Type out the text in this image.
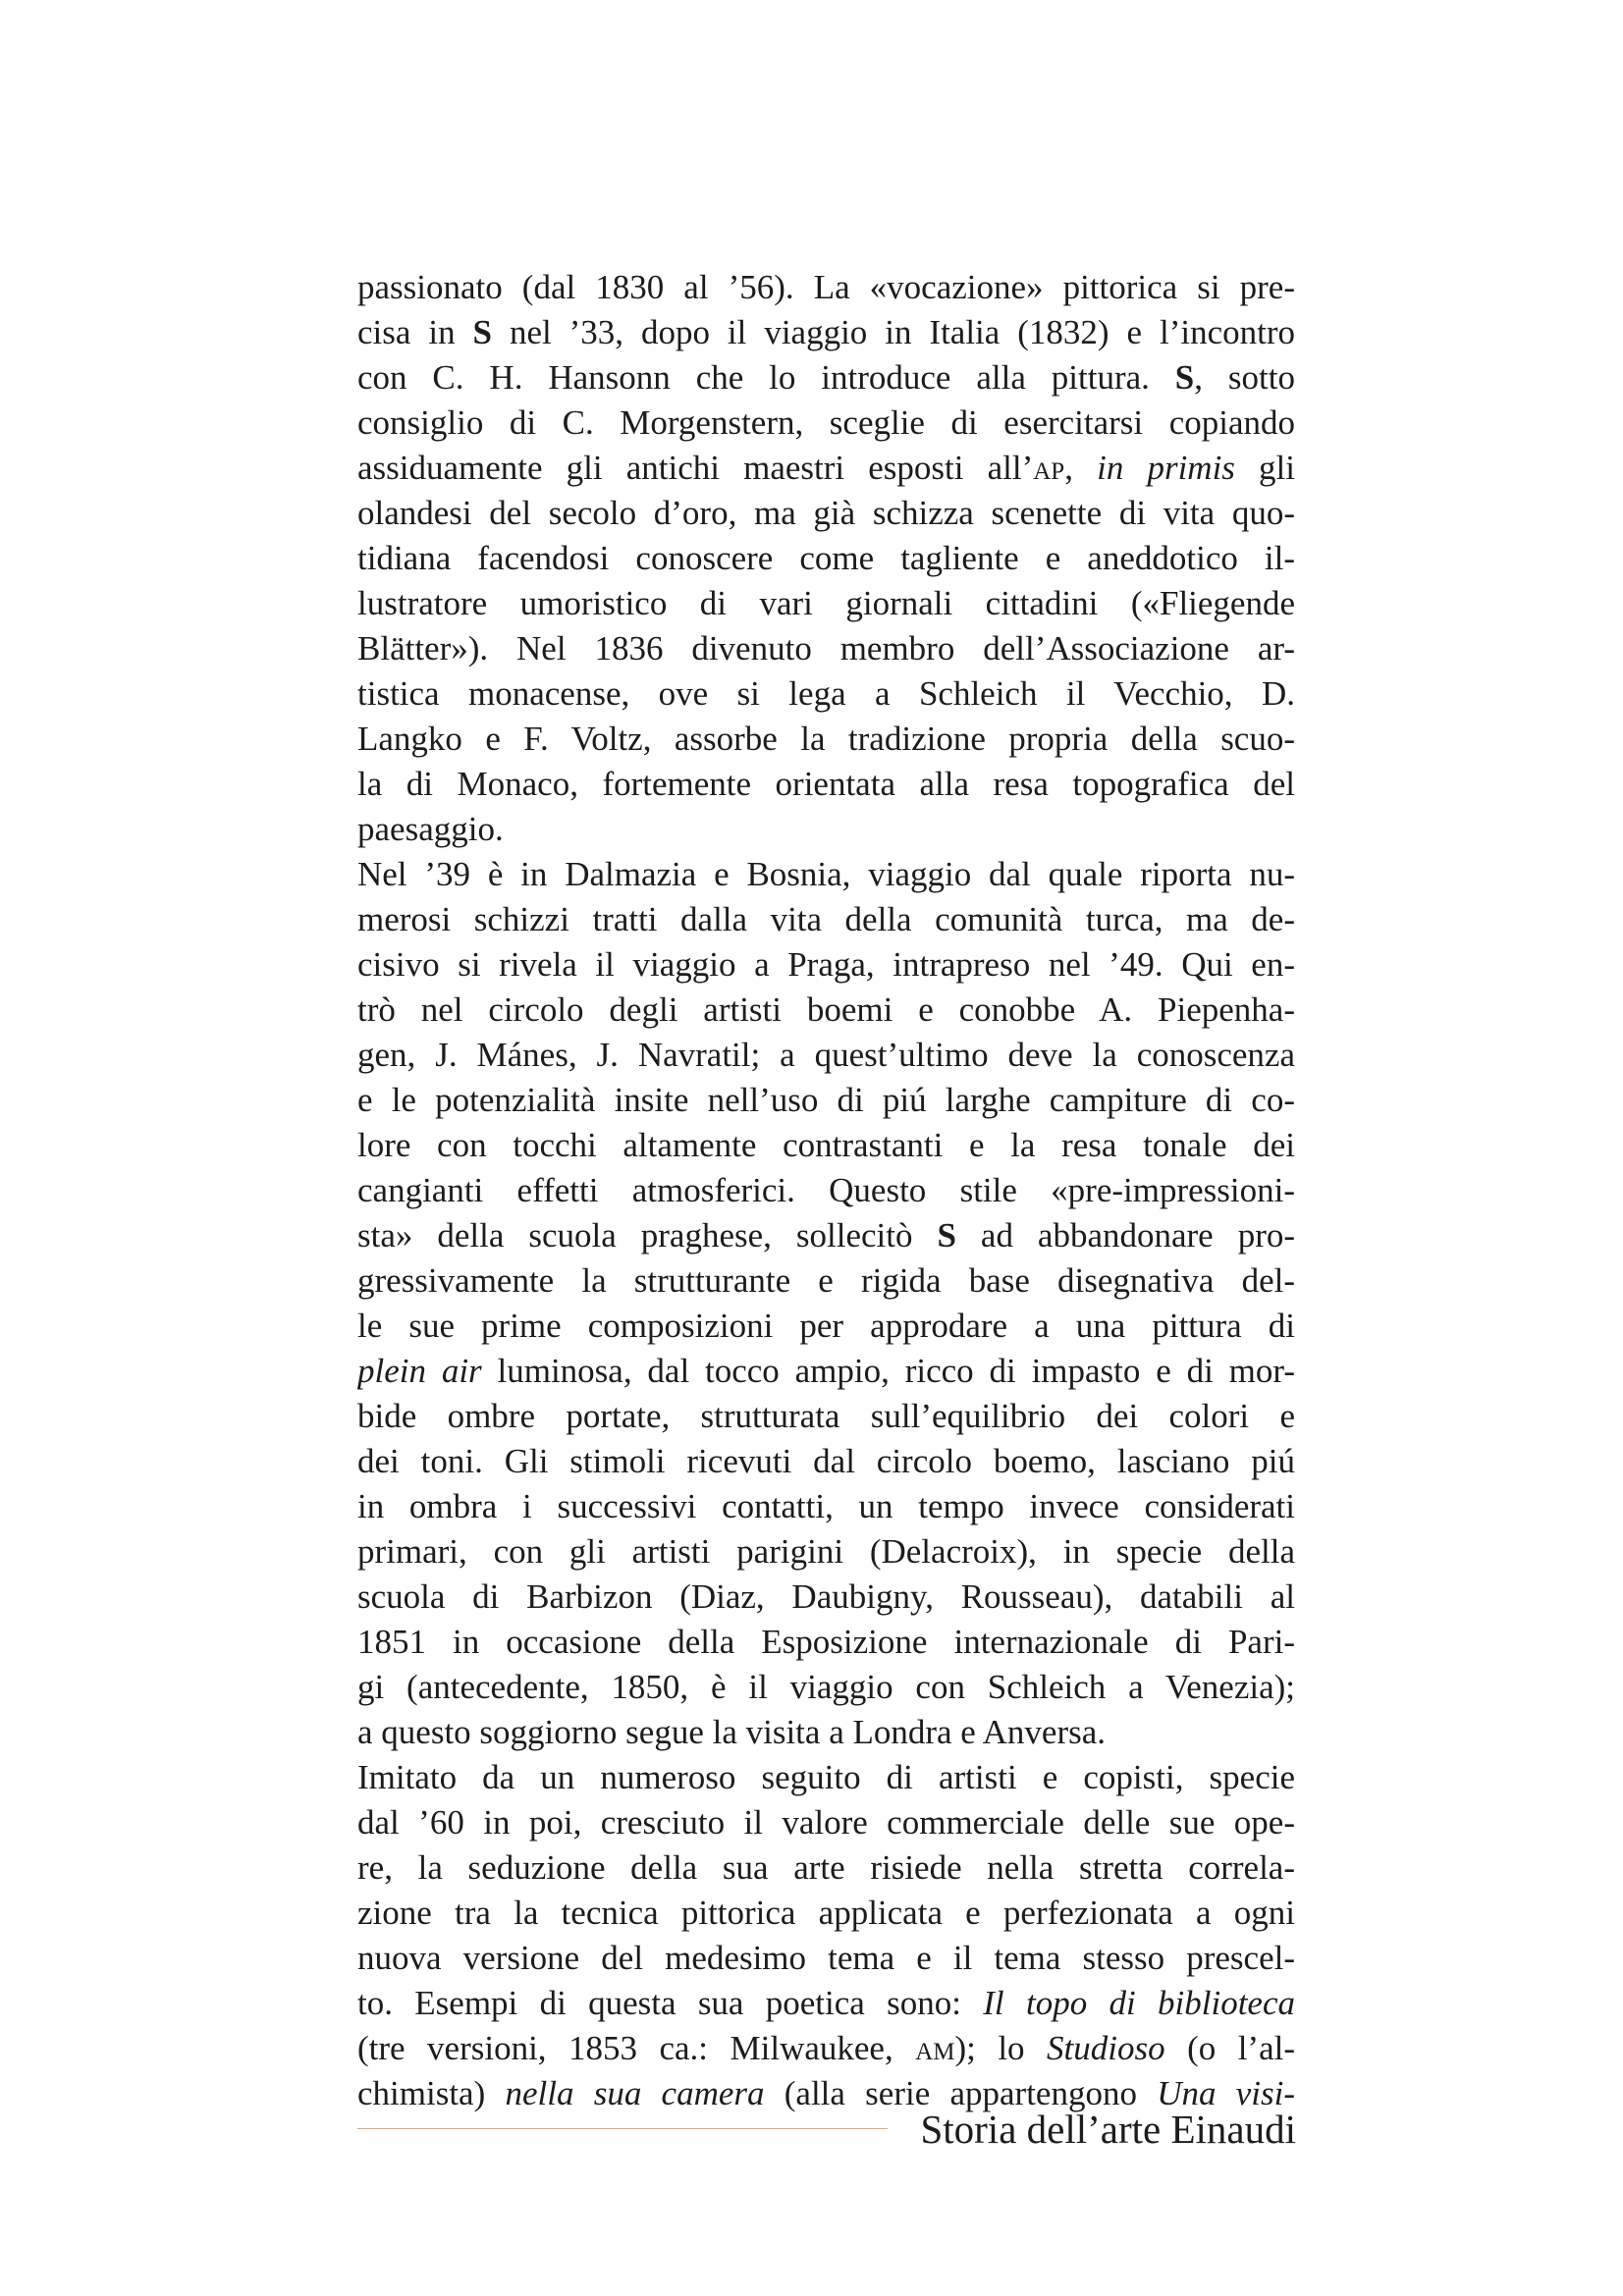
passionato (dal 1830 al ’56). La «vocazione» pittorica si pre-
cisa in S nel ’33, dopo il viaggio in Italia (1832) e l’incontro
con C. H. Hansonn che lo introduce alla pittura. S, sotto
consiglio di C. Morgenstern, sceglie di esercitarsi copiando
assiduamente gli antichi maestri esposti all’ap, in primis gli
olandesi del secolo d’oro, ma già schizza scenette di vita quo-
tidiana facendosi conoscere come tagliente e aneddotico il-
lustratore umoristico di vari giornali cittadini («Fliegende
Blätter»). Nel 1836 divenuto membro dell’Associazione ar-
tistica monacense, ove si lega a Schleich il Vecchio, D.
Langko e F. Voltz, assorbe la tradizione propria della scuo-
la di Monaco, fortemente orientata alla resa topografica del
paesaggio.
Nel ’39 è in Dalmazia e Bosnia, viaggio dal quale riporta nu-
merosi schizzi tratti dalla vita della comunità turca, ma de-
cisivo si rivela il viaggio a Praga, intrapreso nel ’49. Qui en-
trò nel circolo degli artisti boemi e conobbe A. Piepenha-
gen, J. Mánes, J. Navratil; a quest’ultimo deve la conoscenza
e le potenzialità insite nell’uso di piú larghe campiture di co-
lore con tocchi altamente contrastanti e la resa tonale dei
cangianti effetti atmosferici. Questo stile «pre-impressioni-
sta» della scuola praghese, sollecitò S ad abbandonare pro-
gressivamente la strutturante e rigida base disegnativa del-
le sue prime composizioni per approdare a una pittura di
plein air luminosa, dal tocco ampio, ricco di impasto e di mor-
bide ombre portate, strutturata sull’equilibrio dei colori e
dei toni. Gli stimoli ricevuti dal circolo boemo, lasciano piú
in ombra i successivi contatti, un tempo invece considerati
primari, con gli artisti parigini (Delacroix), in specie della
scuola di Barbizon (Diaz, Daubigny, Rousseau), databili al
1851 in occasione della Esposizione internazionale di Pari-
gi (antecedente, 1850, è il viaggio con Schleich a Venezia);
a questo soggiorno segue la visita a Londra e Anversa.
Imitato da un numeroso seguito di artisti e copisti, specie
dal ’60 in poi, cresciuto il valore commerciale delle sue ope-
re, la seduzione della sua arte risiede nella stretta correla-
zione tra la tecnica pittorica applicata e perfezionata a ogni
nuova versione del medesimo tema e il tema stesso prescel-
to. Esempi di questa sua poetica sono: Il topo di biblioteca
(tre versioni, 1853 ca.: Milwaukee, am); lo Studioso (o l’al-
chimista) nella sua camera (alla serie appartengono Una visi-
Storia dell’arte Einaudi
